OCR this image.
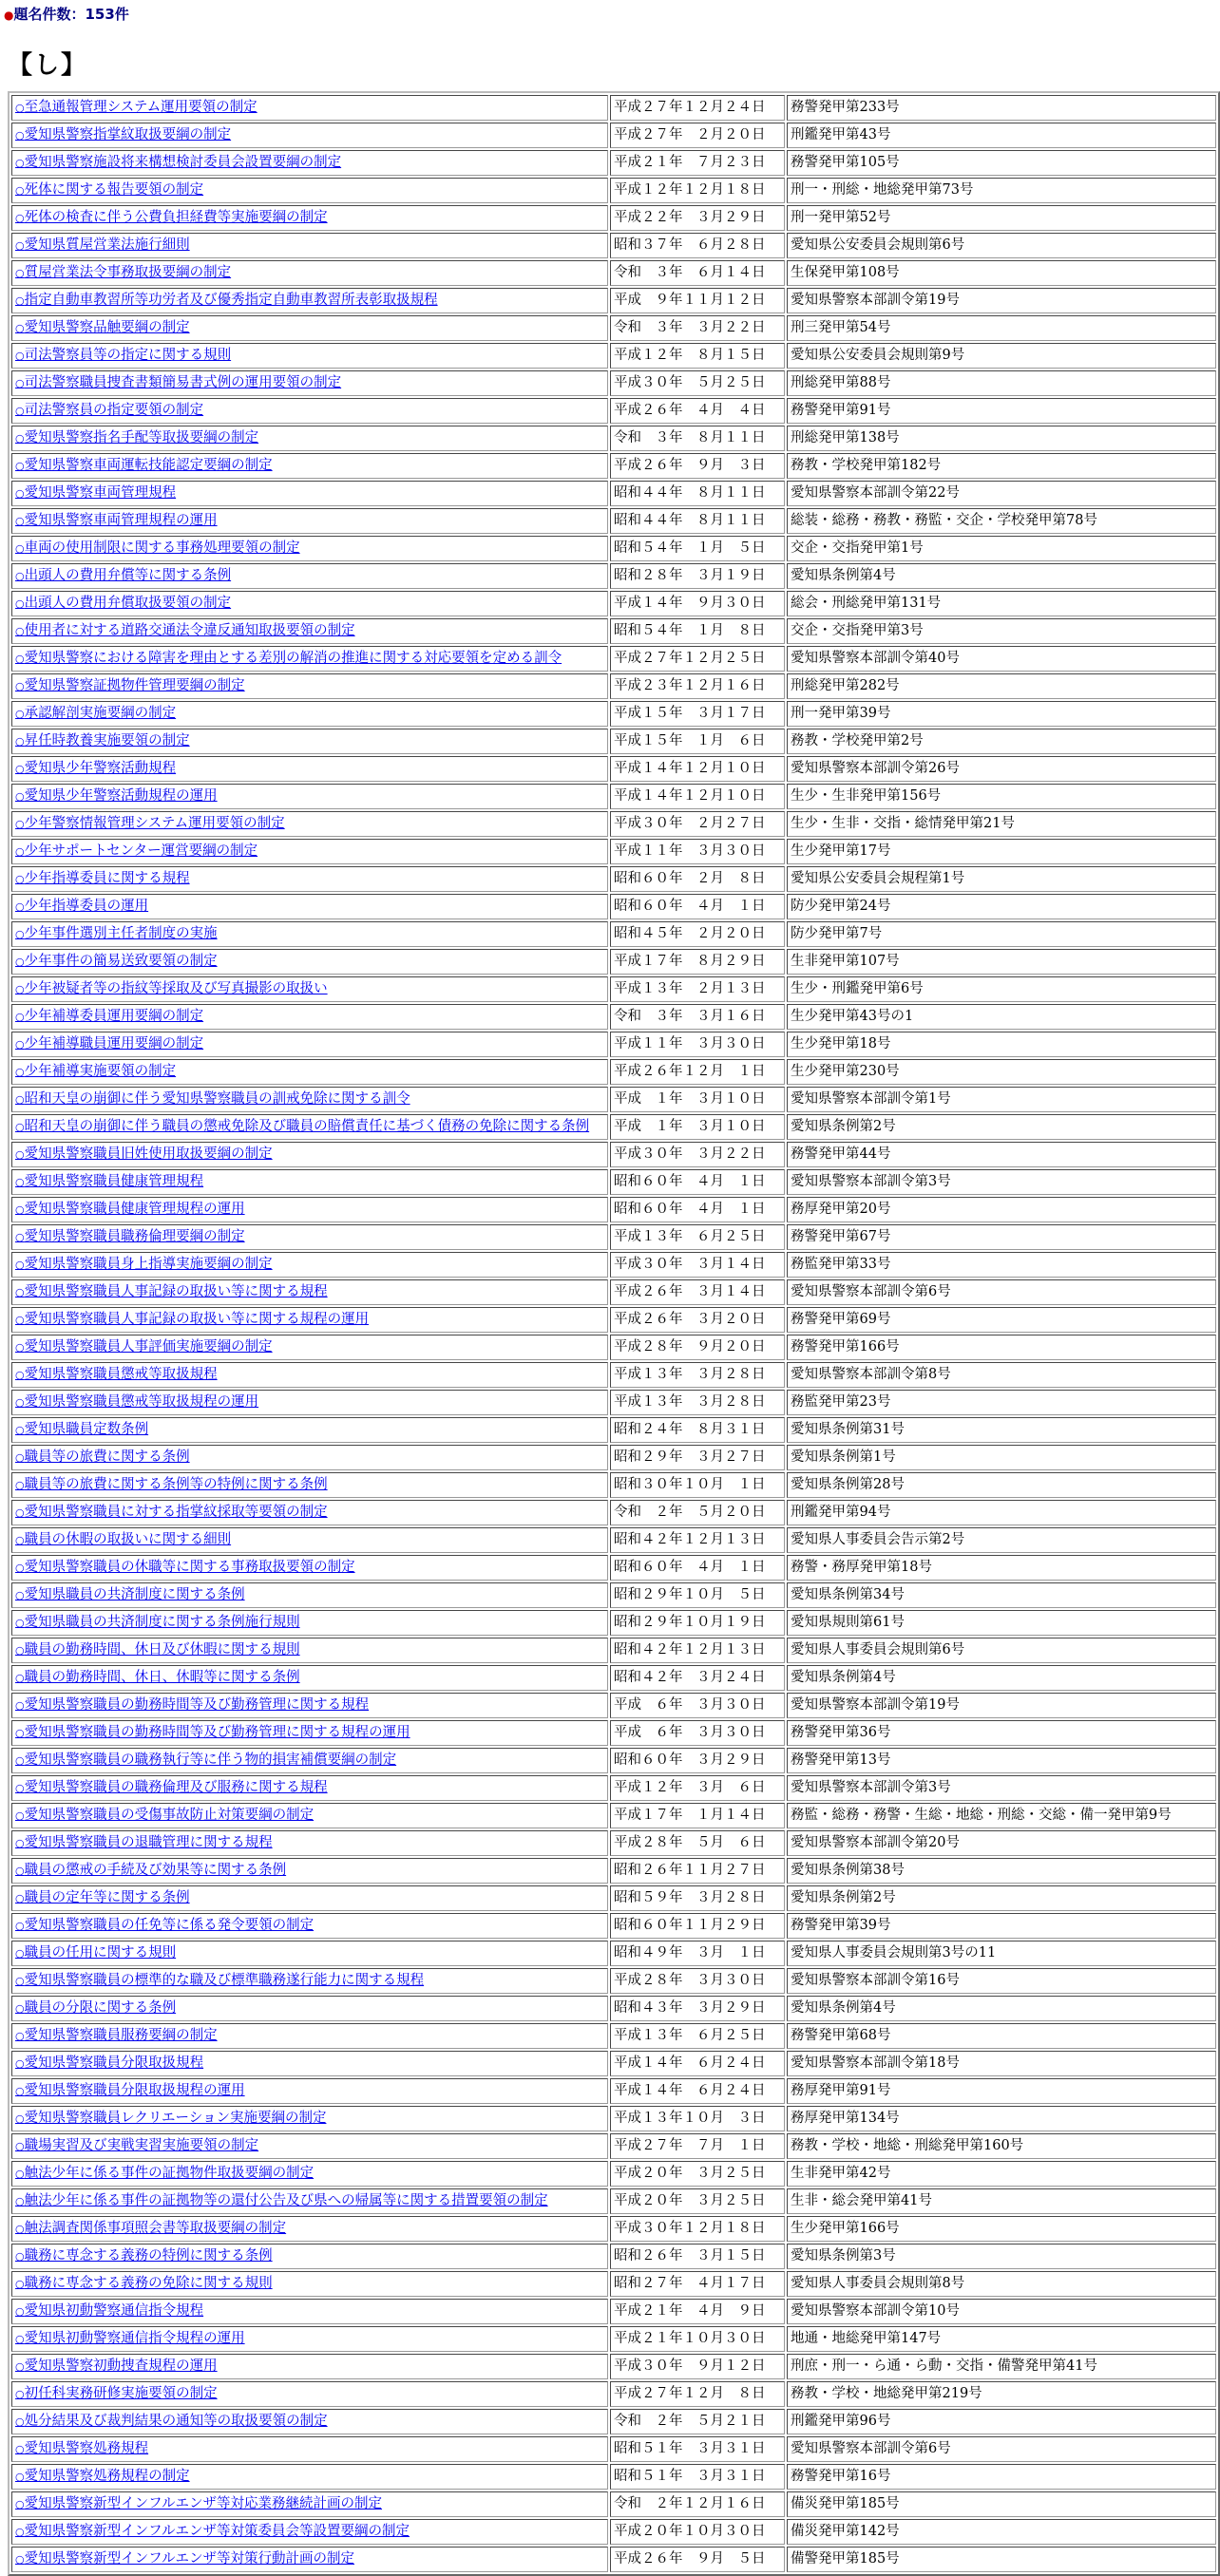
●題名件数：153件
【し】
○至急通報管理システム運用要領の制定	平成２７年１２月２４日	務警発甲第233号
○愛知県警察指掌紋取扱要綱の制定	平成２７年　２月２０日	刑鑑発甲第43号
○愛知県警察施設将来構想検討委員会設置要綱の制定	平成２１年　７月２３日	務警発甲第105号
○死体に関する報告要領の制定	平成１２年１２月１８日	刑一・刑総・地総発甲第73号
○死体の検査に伴う公費負担経費等実施要綱の制定	平成２２年　３月２９日	刑一発甲第52号
○愛知県質屋営業法施行細則	昭和３７年　６月２８日	愛知県公安委員会規則第6号
○質屋営業法令事務取扱要綱の制定	令和　３年　６月１４日	生保発甲第108号
○指定自動車教習所等功労者及び優秀指定自動車教習所表彰取扱規程	平成　９年１１月１２日	愛知県警察本部訓令第19号
○愛知県警察品触要綱の制定	令和　３年　３月２２日	刑三発甲第54号
○司法警察員等の指定に関する規則	平成１２年　８月１５日	愛知県公安委員会規則第9号
○司法警察職員捜査書類簡易書式例の運用要領の制定	平成３０年　５月２５日	刑総発甲第88号
○司法警察員の指定要領の制定	平成２６年　４月　４日	務警発甲第91号
○愛知県警察指名手配等取扱要綱の制定	令和　３年　８月１１日	刑総発甲第138号
○愛知県警察車両運転技能認定要綱の制定	平成２６年　９月　３日	務教・学校発甲第182号
○愛知県警察車両管理規程	昭和４４年　８月１１日	愛知県警察本部訓令第22号
○愛知県警察車両管理規程の運用	昭和４４年　８月１１日	総装・総務・務教・務監・交企・学校発甲第78号
○車両の使用制限に関する事務処理要領の制定	昭和５４年　１月　５日	交企・交指発甲第1号
○出頭人の費用弁償等に関する条例	昭和２８年　３月１９日	愛知県条例第4号
○出頭人の費用弁償取扱要領の制定	平成１４年　９月３０日	総会・刑総発甲第131号
○使用者に対する道路交通法令違反通知取扱要領の制定	昭和５４年　１月　８日	交企・交指発甲第3号
○愛知県警察における障害を理由とする差別の解消の推進に関する対応要領を定める訓令	平成２７年１２月２５日	愛知県警察本部訓令第40号
○愛知県警察証拠物件管理要綱の制定	平成２３年１２月１６日	刑総発甲第282号
○承認解剖実施要綱の制定	平成１５年　３月１７日	刑一発甲第39号
○昇任時教養実施要領の制定	平成１５年　１月　６日	務教・学校発甲第2号
○愛知県少年警察活動規程	平成１４年１２月１０日	愛知県警察本部訓令第26号
○愛知県少年警察活動規程の運用	平成１４年１２月１０日	生少・生非発甲第156号
○少年警察情報管理システム運用要領の制定	平成３０年　２月２７日	生少・生非・交指・総情発甲第21号
○少年サポートセンター運営要綱の制定	平成１１年　３月３０日	生少発甲第17号
○少年指導委員に関する規程	昭和６０年　２月　８日	愛知県公安委員会規程第1号
○少年指導委員の運用	昭和６０年　４月　１日	防少発甲第24号
○少年事件選別主任者制度の実施	昭和４５年　２月２０日	防少発甲第7号
○少年事件の簡易送致要領の制定	平成１７年　８月２９日	生非発甲第107号
○少年被疑者等の指紋等採取及び写真撮影の取扱い	平成１３年　２月１３日	生少・刑鑑発甲第6号
○少年補導委員運用要綱の制定	令和　３年　３月１６日	生少発甲第43号の1
○少年補導職員運用要綱の制定	平成１１年　３月３０日	生少発甲第18号
○少年補導実施要領の制定	平成２６年１２月　１日	生少発甲第230号
○昭和天皇の崩御に伴う愛知県警察職員の訓戒免除に関する訓令	平成　１年　３月１０日	愛知県警察本部訓令第1号
○昭和天皇の崩御に伴う職員の懲戒免除及び職員の賠償責任に基づく債務の免除に関する条例	平成　１年　３月１０日	愛知県条例第2号
○愛知県警察職員旧姓使用取扱要綱の制定	平成３０年　３月２２日	務警発甲第44号
○愛知県警察職員健康管理規程	昭和６０年　４月　１日	愛知県警察本部訓令第3号
○愛知県警察職員健康管理規程の運用	昭和６０年　４月　１日	務厚発甲第20号
○愛知県警察職員職務倫理要綱の制定	平成１３年　６月２５日	務警発甲第67号
○愛知県警察職員身上指導実施要綱の制定	平成３０年　３月１４日	務監発甲第33号
○愛知県警察職員人事記録の取扱い等に関する規程	平成２６年　３月１４日	愛知県警察本部訓令第6号
○愛知県警察職員人事記録の取扱い等に関する規程の運用	平成２６年　３月２０日	務警発甲第69号
○愛知県警察職員人事評価実施要綱の制定	平成２８年　９月２０日	務警発甲第166号
○愛知県警察職員懲戒等取扱規程	平成１３年　３月２８日	愛知県警察本部訓令第8号
○愛知県警察職員懲戒等取扱規程の運用	平成１３年　３月２８日	務監発甲第23号
○愛知県職員定数条例	昭和２４年　８月３１日	愛知県条例第31号
○職員等の旅費に関する条例	昭和２９年　３月２７日	愛知県条例第1号
○職員等の旅費に関する条例等の特例に関する条例	昭和３０年１０月　１日	愛知県条例第28号
○愛知県警察職員に対する指掌紋採取等要領の制定	令和　２年　５月２０日	刑鑑発甲第94号
○職員の休暇の取扱いに関する細則	昭和４２年１２月１３日	愛知県人事委員会告示第2号
○愛知県警察職員の休職等に関する事務取扱要領の制定	昭和６０年　４月　１日	務警・務厚発甲第18号
○愛知県職員の共済制度に関する条例	昭和２９年１０月　５日	愛知県条例第34号
○愛知県職員の共済制度に関する条例施行規則	昭和２９年１０月１９日	愛知県規則第61号
○職員の勤務時間、休日及び休暇に関する規則	昭和４２年１２月１３日	愛知県人事委員会規則第6号
○職員の勤務時間、休日、休暇等に関する条例	昭和４２年　３月２４日	愛知県条例第4号
○愛知県警察職員の勤務時間等及び勤務管理に関する規程	平成　６年　３月３０日	愛知県警察本部訓令第19号
○愛知県警察職員の勤務時間等及び勤務管理に関する規程の運用	平成　６年　３月３０日	務警発甲第36号
○愛知県警察職員の職務執行等に伴う物的損害補償要綱の制定	昭和６０年　３月２９日	務警発甲第13号
○愛知県警察職員の職務倫理及び服務に関する規程	平成１２年　３月　６日	愛知県警察本部訓令第3号
○愛知県警察職員の受傷事故防止対策要綱の制定	平成１７年　１月１４日	務監・総務・務警・生総・地総・刑総・交総・備一発甲第9号
○愛知県警察職員の退職管理に関する規程	平成２８年　５月　６日	愛知県警察本部訓令第20号
○職員の懲戒の手続及び効果等に関する条例	昭和２６年１１月２７日	愛知県条例第38号
○職員の定年等に関する条例	昭和５９年　３月２８日	愛知県条例第2号
○愛知県警察職員の任免等に係る発令要領の制定	昭和６０年１１月２９日	務警発甲第39号
○職員の任用に関する規則	昭和４９年　３月　１日	愛知県人事委員会規則第3号の11
○愛知県警察職員の標準的な職及び標準職務遂行能力に関する規程	平成２８年　３月３０日	愛知県警察本部訓令第16号
○職員の分限に関する条例	昭和４３年　３月２９日	愛知県条例第4号
○愛知県警察職員服務要綱の制定	平成１３年　６月２５日	務警発甲第68号
○愛知県警察職員分限取扱規程	平成１４年　６月２４日	愛知県警察本部訓令第18号
○愛知県警察職員分限取扱規程の運用	平成１４年　６月２４日	務厚発甲第91号
○愛知県警察職員レクリエーション実施要綱の制定	平成１３年１０月　３日	務厚発甲第134号
○職場実習及び実戦実習実施要領の制定	平成２７年　７月　１日	務教・学校・地総・刑総発甲第160号
○触法少年に係る事件の証拠物件取扱要綱の制定	平成２０年　３月２５日	生非発甲第42号
○触法少年に係る事件の証拠物等の還付公告及び県への帰属等に関する措置要領の制定	平成２０年　３月２５日	生非・総会発甲第41号
○触法調査関係事項照会書等取扱要綱の制定	平成３０年１２月１８日	生少発甲第166号
○職務に専念する義務の特例に関する条例	昭和２６年　３月１５日	愛知県条例第3号
○職務に専念する義務の免除に関する規則	昭和２７年　４月１７日	愛知県人事委員会規則第8号
○愛知県初動警察通信指令規程	平成２１年　４月　９日	愛知県警察本部訓令第10号
○愛知県初動警察通信指令規程の運用	平成２１年１０月３０日	地通・地総発甲第147号
○愛知県警察初動捜査規程の運用	平成３０年　９月１２日	刑庶・刑一・ら通・ら動・交指・備警発甲第41号
○初任科実務研修実施要領の制定	平成２７年１２月　８日	務教・学校・地総発甲第219号
○処分結果及び裁判結果の通知等の取扱要領の制定	令和　２年　５月２１日	刑鑑発甲第96号
○愛知県警察処務規程	昭和５１年　３月３１日	愛知県警察本部訓令第6号
○愛知県警察処務規程の制定	昭和５１年　３月３１日	務警発甲第16号
○愛知県警察新型インフルエンザ等対応業務継続計画の制定	令和　２年１２月１６日	備災発甲第185号
○愛知県警察新型インフルエンザ等対策委員会等設置要綱の制定	平成２０年１０月３０日	備災発甲第142号
○愛知県警察新型インフルエンザ等対策行動計画の制定	平成２６年　９月　５日	備警発甲第185号
